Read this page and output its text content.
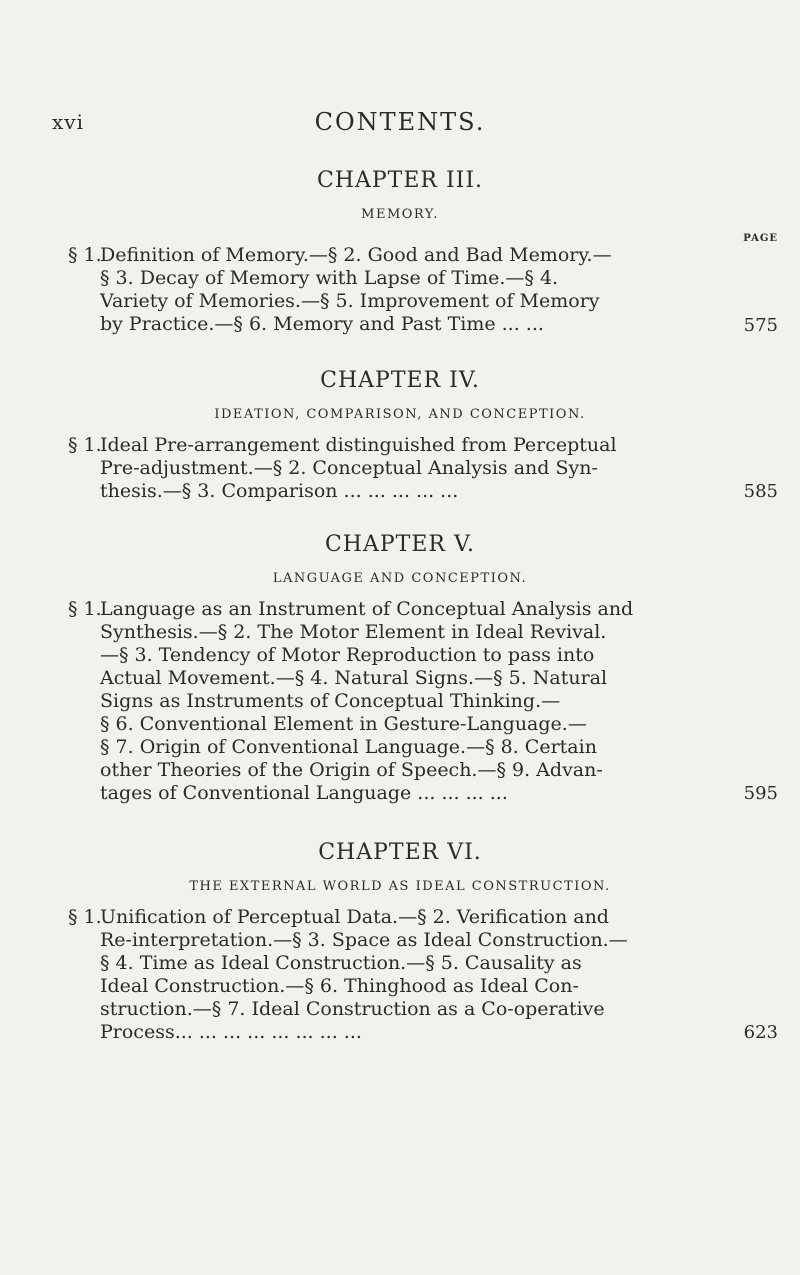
xvi	CONTENTS.
CHAPTER III.
MEMORY.
PAGE
§ 1.
Definition of Memory.—§ 2. Good and Bad Memory.—
§ 3. Decay of Memory with Lapse of Time.—§ 4.
Variety of Memories.—§ 5. Improvement of Memory
by Practice.—§ 6. Memory and Past Time ... ...	575
CHAPTER IV.
IDEATION, COMPARISON, AND CONCEPTION.
§ 1.
Ideal Pre-arrangement distinguished from Perceptual
Pre-adjustment.—§ 2. Conceptual Analysis and Syn-
thesis.—§ 3. Comparison ... ... ... ... ...	585
CHAPTER V.
LANGUAGE AND CONCEPTION.
§ 1.
Language as an Instrument of Conceptual Analysis and
Synthesis.—§ 2. The Motor Element in Ideal Revival.
—§ 3. Tendency of Motor Reproduction to pass into
Actual Movement.—§ 4. Natural Signs.—§ 5. Natural
Signs as Instruments of Conceptual Thinking.—
§ 6. Conventional Element in Gesture-Language.—
§ 7. Origin of Conventional Language.—§ 8. Certain
other Theories of the Origin of Speech.—§ 9. Advan-
tages of Conventional Language ... ... ... ...	595
CHAPTER VI.
THE EXTERNAL WORLD AS IDEAL CONSTRUCTION.
§ 1.
Unification of Perceptual Data.—§ 2. Verification and
Re-interpretation.—§ 3. Space as Ideal Construction.—
§ 4. Time as Ideal Construction.—§ 5. Causality as
Ideal Construction.—§ 6. Thinghood as Ideal Con-
struction.—§ 7. Ideal Construction as a Co-operative
Process... ... ... ... ... ... ... ...	623
